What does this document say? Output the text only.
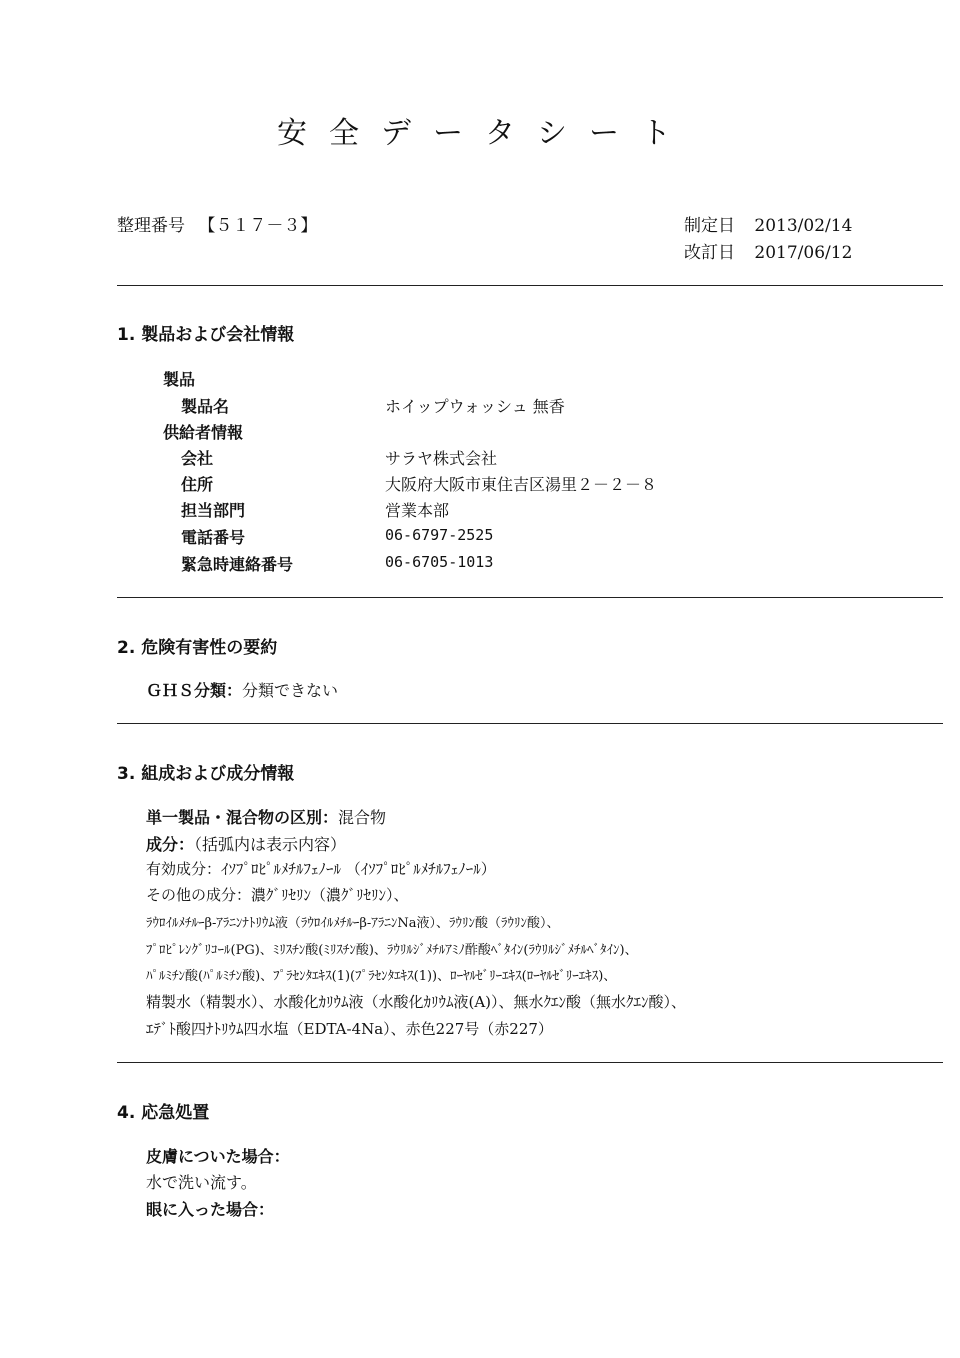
安全データシート
整理番号 【５１７－３】	制定日 2013/02/14
改訂日 2017/06/12
1. 製品および会社情報
製品
製品名	ホイップウォッシュ 無香
供給者情報
会社	サラヤ株式会社
住所	大阪府大阪市東住吉区湯里２－２－８
担当部門	営業本部
電話番号	06-6797-2525
緊急時連絡番号	06-6705-1013
2. 危険有害性の要約
ＧＨＳ分類：分類できない
3. 組成および成分情報
単一製品・混合物の区別：混合物
成分：（括弧内は表示内容）
有効成分：ｲｿﾌﾟﾛﾋﾟﾙﾒﾁﾙﾌｪﾉｰﾙ （ｲｿﾌﾟﾛﾋﾟﾙﾒﾁﾙﾌｪﾉｰﾙ）
その他の成分：濃ｸﾞﾘｾﾘﾝ（濃ｸﾞﾘｾﾘﾝ）、
ﾗｳﾛｲﾙﾒﾁﾙｰβ-ｱﾗﾆﾝﾅﾄﾘｳﾑ液（ﾗｳﾛｲﾙﾒﾁﾙｰβ-ｱﾗﾆﾝNa液）、ﾗｳﾘﾝ酸（ﾗｳﾘﾝ酸）、
ﾌﾟﾛﾋﾟﾚﾝｸﾞﾘｺｰﾙ(PG)、ﾐﾘｽﾁﾝ酸(ﾐﾘｽﾁﾝ酸)、ﾗｳﾘﾙｼﾞﾒﾁﾙｱﾐﾉ酢酸ﾍﾞﾀｲﾝ(ﾗｳﾘﾙｼﾞﾒﾁﾙﾍﾞﾀｲﾝ)、
ﾊﾟﾙﾐﾁﾝ酸(ﾊﾟﾙﾐﾁﾝ酸)、ﾌﾟﾗｾﾝﾀｴｷｽ(1)(ﾌﾟﾗｾﾝﾀｴｷｽ(1))、ﾛｰﾔﾙｾﾞﾘｰｴｷｽ(ﾛｰﾔﾙｾﾞﾘｰｴｷｽ)、
精製水（精製水）、水酸化ｶﾘｳﾑ液（水酸化ｶﾘｳﾑ液(A)）、無水ｸｴﾝ酸（無水ｸｴﾝ酸）、
ｴﾃﾞﾄ酸四ﾅﾄﾘｳﾑ四水塩（EDTA-4Na）、赤色227号（赤227）
4. 応急処置
皮膚についた場合：
水で洗い流す。
眼に入った場合：
